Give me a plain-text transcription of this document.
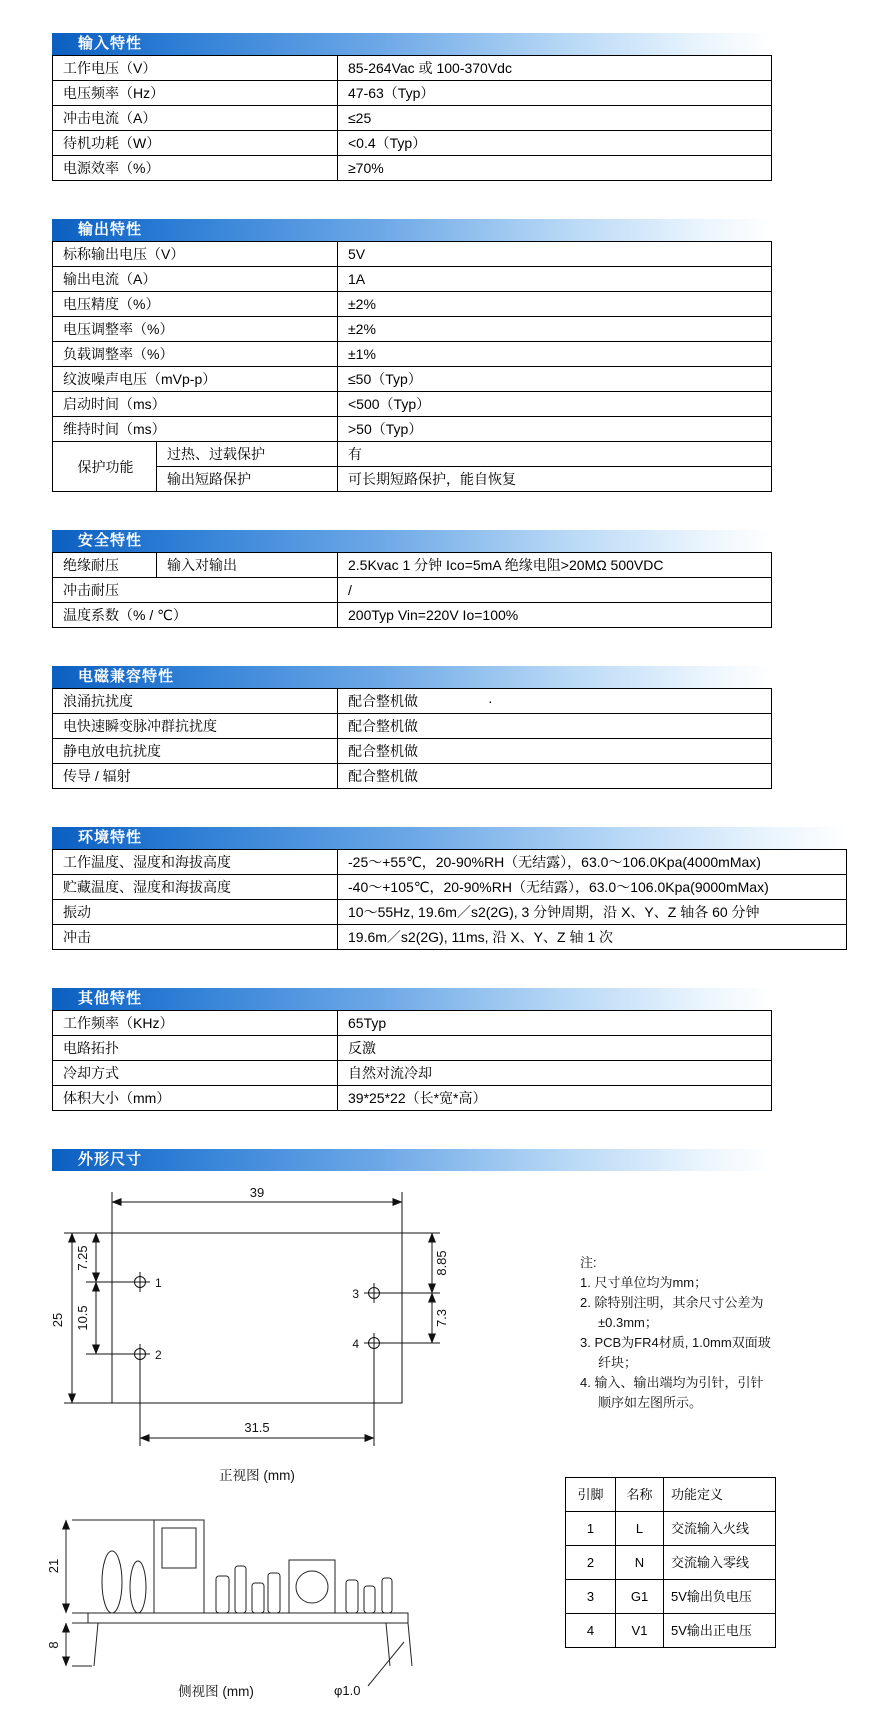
输入特性
工作电压（V）	85-264Vac 或 100-370Vdc
电压频率（Hz）	47-63（Typ）
冲击电流（A）	≤25
待机功耗（W）	<0.4（Typ）
电源效率（%）	≥70%
输出特性
标称输出电压（V）		5V
输出电流（A）		1A
电压精度（%）		±2%
电压调整率（%）		±2%
负载调整率（%）		±1%
纹波噪声电压（mVp-p）		≤50（Typ）
启动时间（ms）		<500（Typ）
维持时间（ms）		>50（Typ）
保护功能	过热、过载保护	有
	输出短路保护	可长期短路保护，能自恢复
安全特性
绝缘耐压	输入对输出	2.5Kvac 1 分钟 Ico=5mA 绝缘电阻>20MΩ 500VDC
冲击耐压		/
温度系数（% / ℃）		200Typ Vin=220V Io=100%
电磁兼容特性
浪涌抗扰度	配合整机做 ·
电快速瞬变脉冲群抗扰度	配合整机做
静电放电抗扰度	配合整机做
传导 / 辐射	配合整机做
环境特性
工作温度、湿度和海拔高度	-25～+55℃，20-90%RH（无结露），63.0～106.0Kpa(4000mMax)
贮藏温度、湿度和海拔高度	-40～+105℃，20-90%RH（无结露），63.0～106.0Kpa(9000mMax)
振动	10～55Hz, 19.6m／s2(2G), 3 分钟周期，沿 X、Y、Z 轴各 60 分钟
冲击	19.6m／s2(2G), 11ms, 沿 X、Y、Z 轴 1 次
其他特性
工作频率（KHz）	65Typ
电路拓扑	反激
冷却方式	自然对流冷却
体积大小（mm）	39*25*22（长*宽*高）
外形尺寸
39
25
7.25
10.5
8.85
7.3
31.5
1
2
3
4
正视图 (mm)
注:
1. 尺寸单位均为mm；
2. 除特别注明，其余尺寸公差为±0.3mm；
3. PCB为FR4材质, 1.0mm双面玻纤块；
4. 输入、输出端均为引针，引针顺序如左图所示。
21
8
侧视图 (mm)	φ1.0
引脚	名称	功能定义
1	L	交流输入火线
2	N	交流输入零线
3	G1	5V输出负电压
4	V1	5V输出正电压
